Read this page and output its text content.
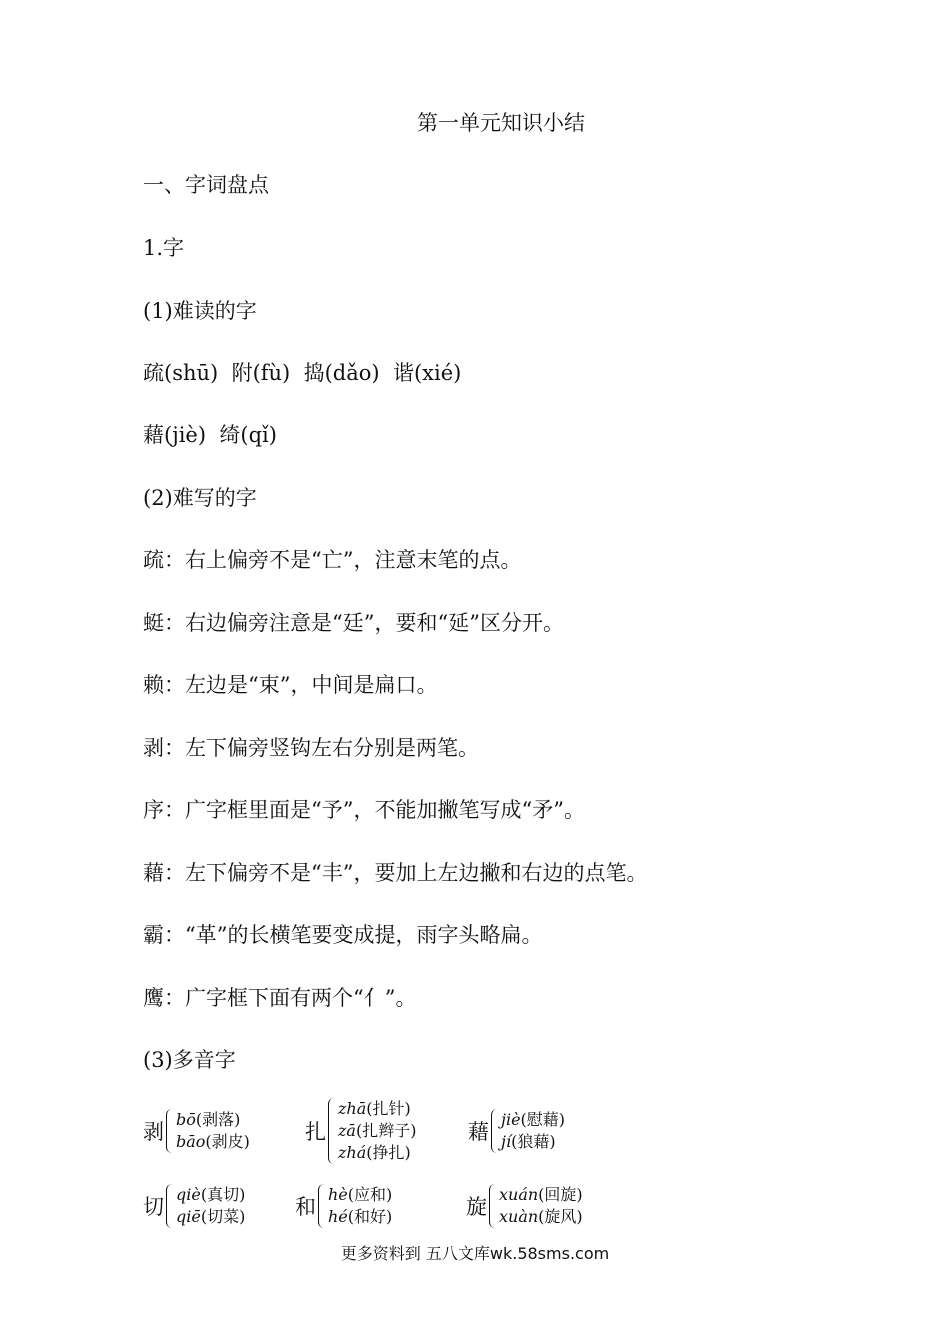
第一单元知识小结
一、字词盘点
1.字
(1)难读的字
疏(shū)  附(fù)  捣(dǎo)  谐(xié)
藉(jiè)  绮(qǐ)
(2)难写的字
疏：右上偏旁不是“亡”，注意末笔的点。
蜓：右边偏旁注意是“廷”，要和“延”区分开。
赖：左边是“束”，中间是扁口。
剥：左下偏旁竖钩左右分别是两笔。
序：广字框里面是“予”，不能加撇笔写成“矛”。
藉：左下偏旁不是“丰”，要加上左边撇和右边的点笔。
霸：“革”的长横笔要变成提，雨字头略扁。
鹰：广字框下面有两个“亻”。
(3)多音字
剥
bō(剥落)
bāo(剥皮)	扎
zhā(扎针)
zā(扎辫子)
zhá(挣扎)
藉
jiè(慰藉)
jí(狼藉)
切
qiè(真切)
qiē(切菜) 和
hè(应和)
hé(和好)	旋
xuán(回旋)
xuàn(旋风)
更多资料到 五八文库wk.58sms.com
